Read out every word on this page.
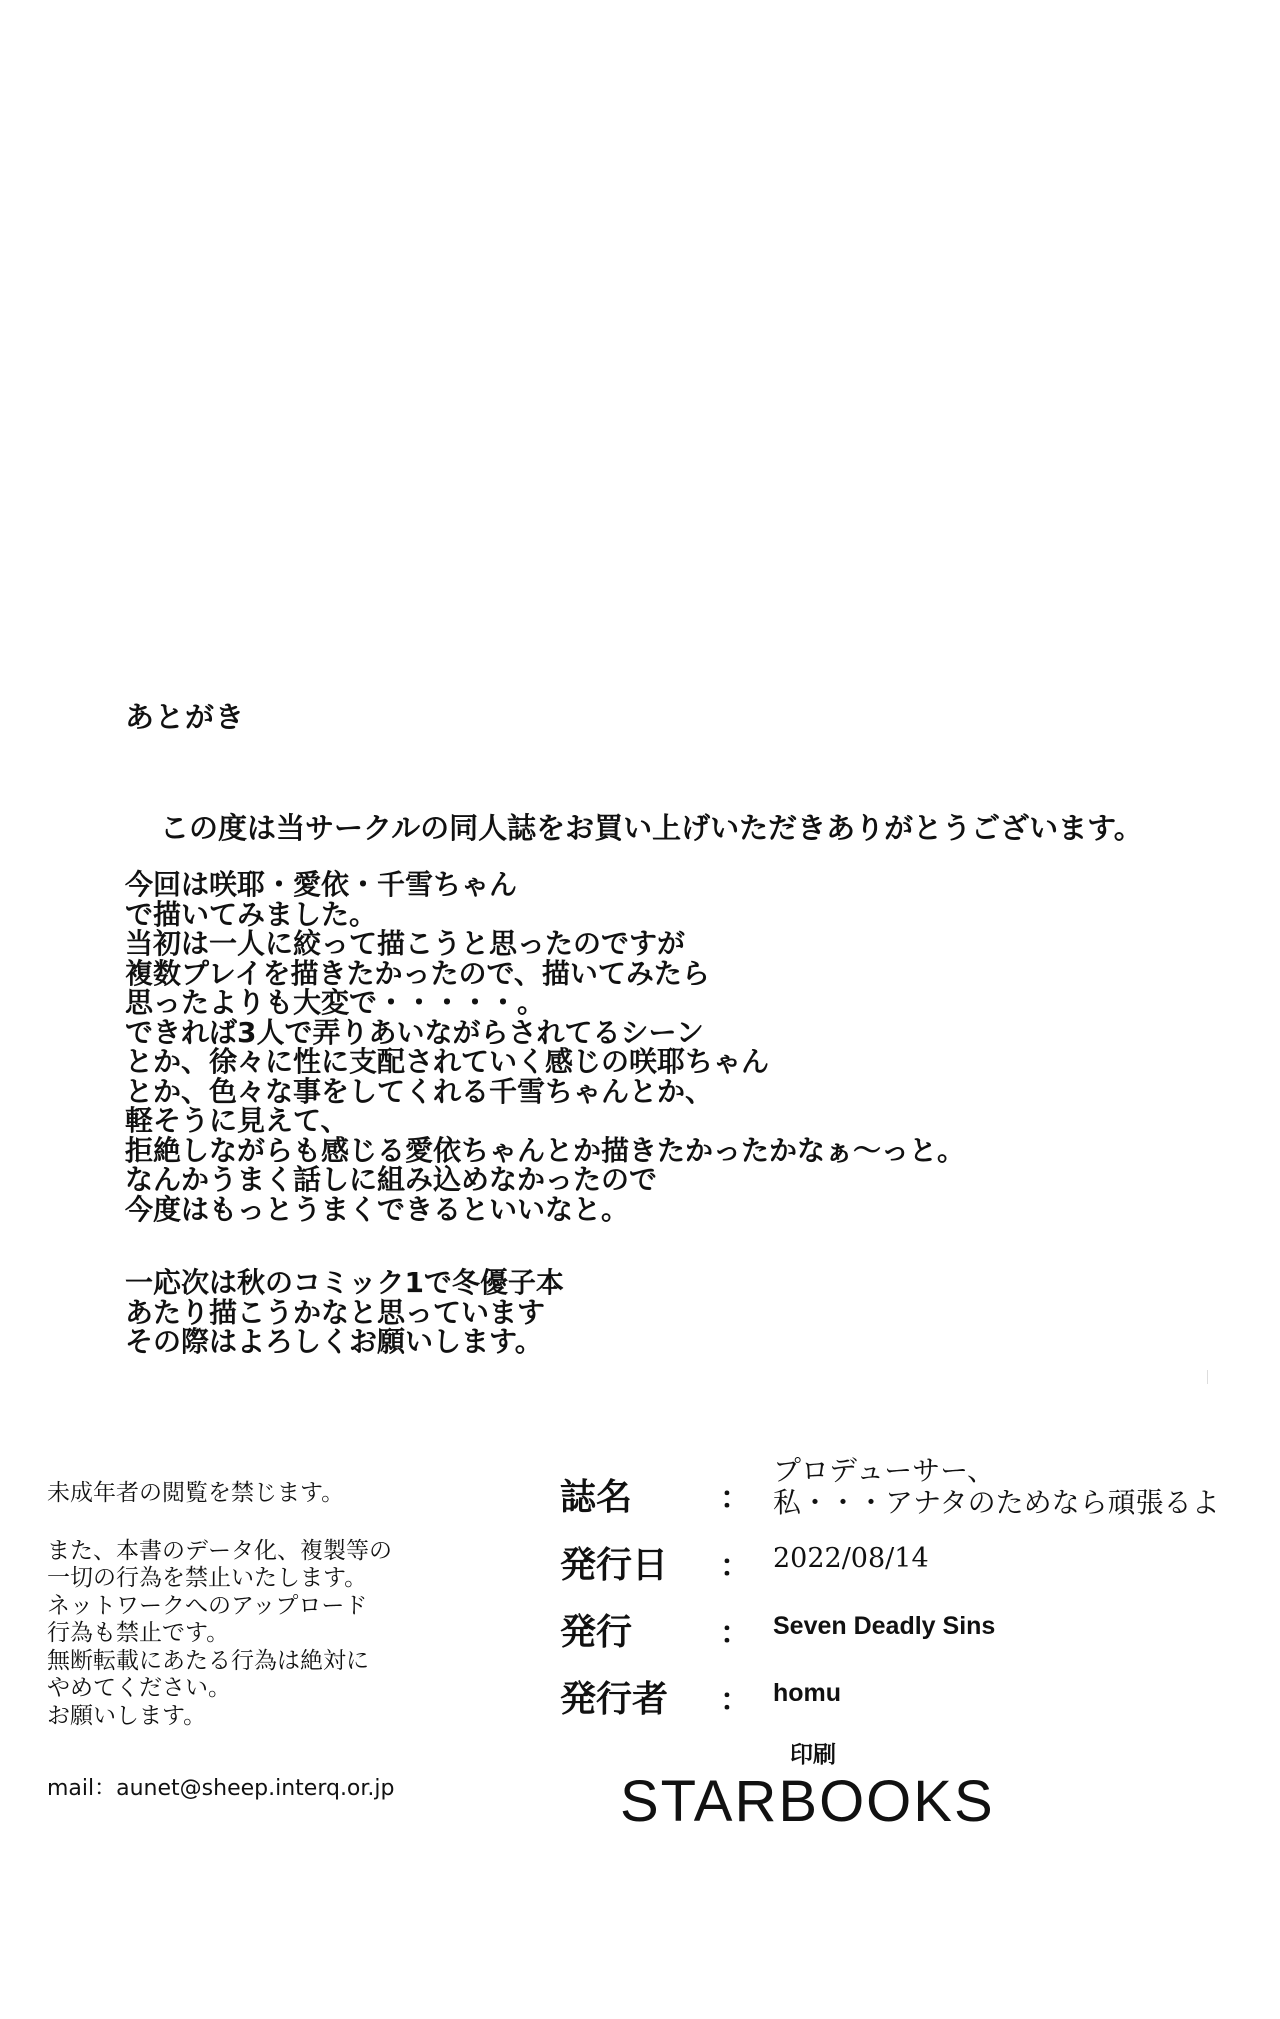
あとがき
この度は当サークルの同人誌をお買い上げいただきありがとうございます。
今回は咲耶・愛依・千雪ちゃん
で描いてみました。
当初は一人に絞って描こうと思ったのですが
複数プレイを描きたかったので、描いてみたら
思ったよりも大変で・・・・・。
できれば3人で弄りあいながらされてるシーン
とか、徐々に性に支配されていく感じの咲耶ちゃん
とか、色々な事をしてくれる千雪ちゃんとか、
軽そうに見えて、
拒絶しながらも感じる愛依ちゃんとか描きたかったかなぁ～っと。
なんかうまく話しに組み込めなかったので
今度はもっとうまくできるといいなと。
一応次は秋のコミック1で冬優子本
あたり描こうかなと思っています
その際はよろしくお願いします。
未成年者の閲覧を禁じます。
また、本書のデータ化、複製等の
一切の行為を禁止いたします。
ネットワークへのアップロード
行為も禁止です。
無断転載にあたる行為は絶対に
やめてください。
お願いします。
mail：aunet@sheep.interq.or.jp
誌名	：
プロデューサー、
私・・・アナタのためなら頑張るよ
発行日 ： 2022/08/14
発行	： Seven Deadly Sins
発行者 ： homu
印刷
STARBOOKS
